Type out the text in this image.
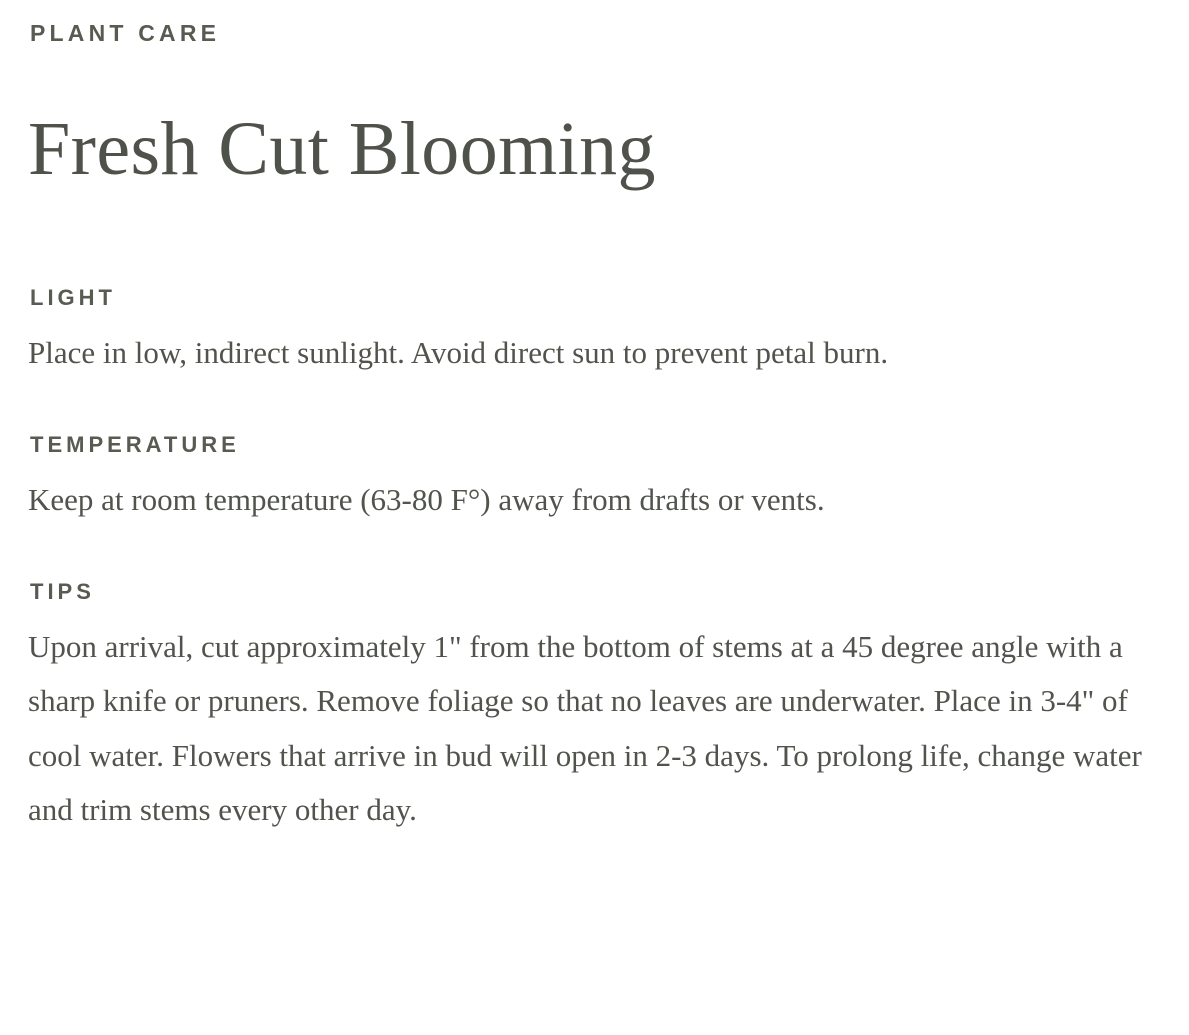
PLANT CARE
Fresh Cut Blooming
LIGHT

Place in low, indirect sunlight. Avoid direct sun to prevent petal burn.

TEMPERATURE

Keep at room temperature (63-80 F°) away from drafts or vents.

TIPS

Upon arrival, cut approximately 1" from the bottom of stems at a 45 degree angle with a sharp knife or pruners. Remove foliage so that no leaves are underwater. Place in 3-4" of cool water. Flowers that arrive in bud will open in 2-3 days. To prolong life, change water and trim stems every other day.
